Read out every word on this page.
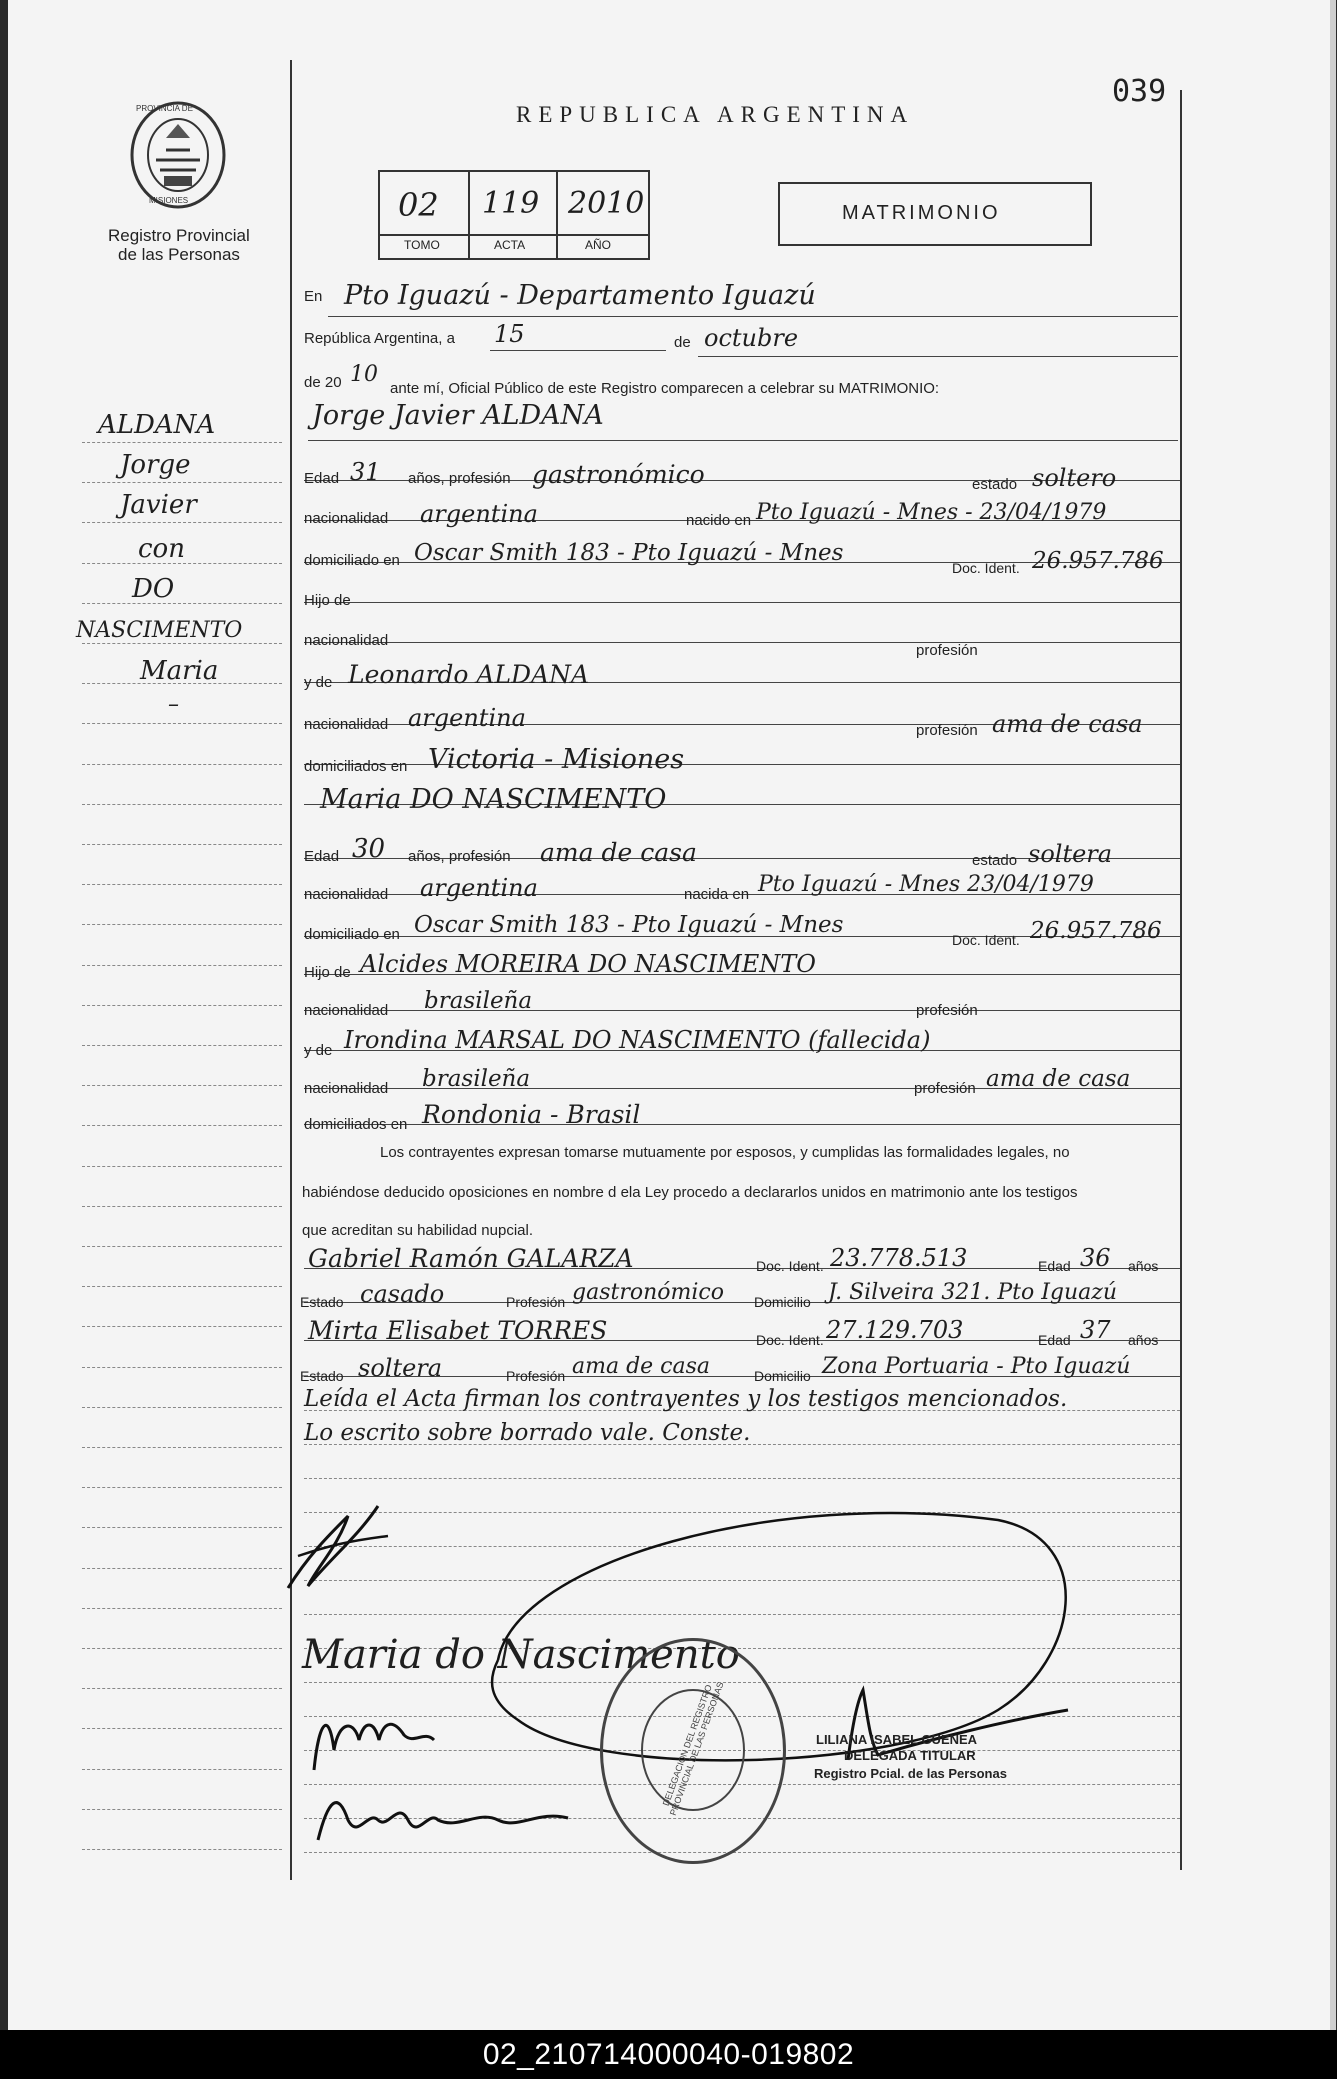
PROVINCIA DE
MISIONES
Registro Provincial
de las Personas
REPUBLICA ARGENTINA
039
02 119 2010
TOMO	ACTA	AÑO
MATRIMONIO
ALDANA
Jorge
Javier
con
DO
NASCIMENTO
Maria
–
En Pto Iguazú - Departamento Iguazú
República Argentina, a 15	de octubre
de 20 10
ante mí, Oficial Público de este Registro comparecen a celebrar su MATRIMONIO:
Jorge Javier ALDANA
Edad 31 años, profesión gastronómico	estado soltero
nacionalidad argentina	nacido en Pto Iguazú - Mnes - 23/04/1979
domiciliado en Oscar Smith 183 - Pto Iguazú - Mnes
Doc. Ident. 26.957.786
Hijo de
nacionalidad
profesión
y de Leonardo ALDANA
nacionalidad argentina	profesión ama de casa
domiciliados en Victoria - Misiones
Maria DO NASCIMENTO
Edad 30 años, profesión ama de casa	estado soltera
nacionalidad argentina	nacida en Pto Iguazú - Mnes 23/04/1979
domiciliado en Oscar Smith 183 - Pto Iguazú - Mnes
Doc. Ident. 26.957.786
Hijo de Alcides MOREIRA DO NASCIMENTO
nacionalidad brasileña	profesión
y de Irondina MARSAL DO NASCIMENTO (fallecida)
nacionalidad brasileña	profesión ama de casa
domiciliados en Rondonia - Brasil
Los contrayentes expresan tomarse mutuamente por esposos, y cumplidas las formalidades legales, no
habiéndose deducido oposiciones en nombre d ela Ley procedo a declararlos unidos en matrimonio ante los testigos
que acreditan su habilidad nupcial.
Gabriel Ramón GALARZA	Doc. Ident. 23.778.513	Edad 36 años
Estado casado	Profesión gastronómico Domicilio J. Silveira 321. Pto Iguazú
Mirta Elisabet TORRES	Doc. Ident. 27.129.703	Edad 37 años
Estado soltera	Profesión ama de casa	Domicilio Zona Portuaria - Pto Iguazú
Leída el Acta firman los contrayentes y los testigos mencionados.
Lo escrito sobre borrado vale. Conste.
Maria do Nascimento
DELEGACION DEL REGISTRO PROVINCIAL DE LAS PERSONAS	LILIANA ISABEL GUENEA
DELEGADA TITULAR
Registro Pcial. de las Personas
02_210714000040-019802
